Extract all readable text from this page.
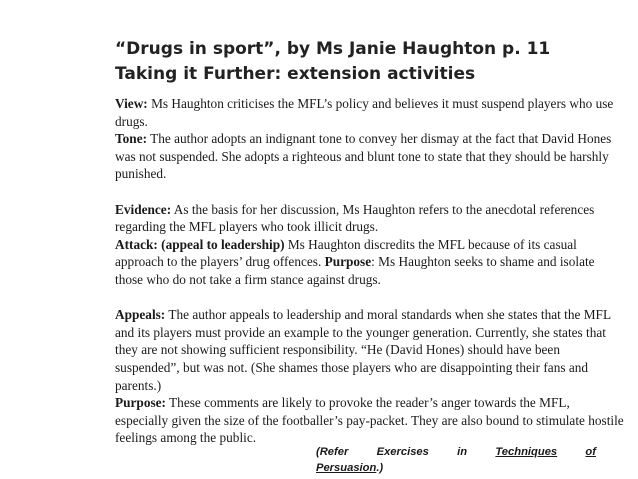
“Drugs in sport”, by Ms Janie Haughton p. 11
Taking it Further: extension activities

View: Ms Haughton criticises the MFL’s policy and believes it must suspend players who use drugs.

Tone: The author adopts an indignant tone to convey her dismay at the fact that David Hones was not suspended. She adopts a righteous and blunt tone to state that they should be harshly punished.

Evidence: As the basis for her discussion, Ms Haughton refers to the anecdotal references regarding the MFL players who took illicit drugs.

Attack: (appeal to leadership) Ms Haughton discredits the MFL because of its casual approach to the players’ drug offences. Purpose: Ms Haughton seeks to shame and isolate those who do not take a firm stance against drugs.

Appeals: The author appeals to leadership and moral standards when she states that the MFL and its players must provide an example to the younger generation. Currently, she states that they are not showing sufficient responsibility. “He (David Hones) should have been suspended”, but was not. (She shames those players who are disappointing their fans and parents.)

Purpose: These comments are likely to provoke the reader’s anger towards the MFL, especially given the size of the footballer’s pay-packet. They are also bound to stimulate hostile feelings among the public.

(Refer	Exercises	in	Techniques	of
Persuasion.)
